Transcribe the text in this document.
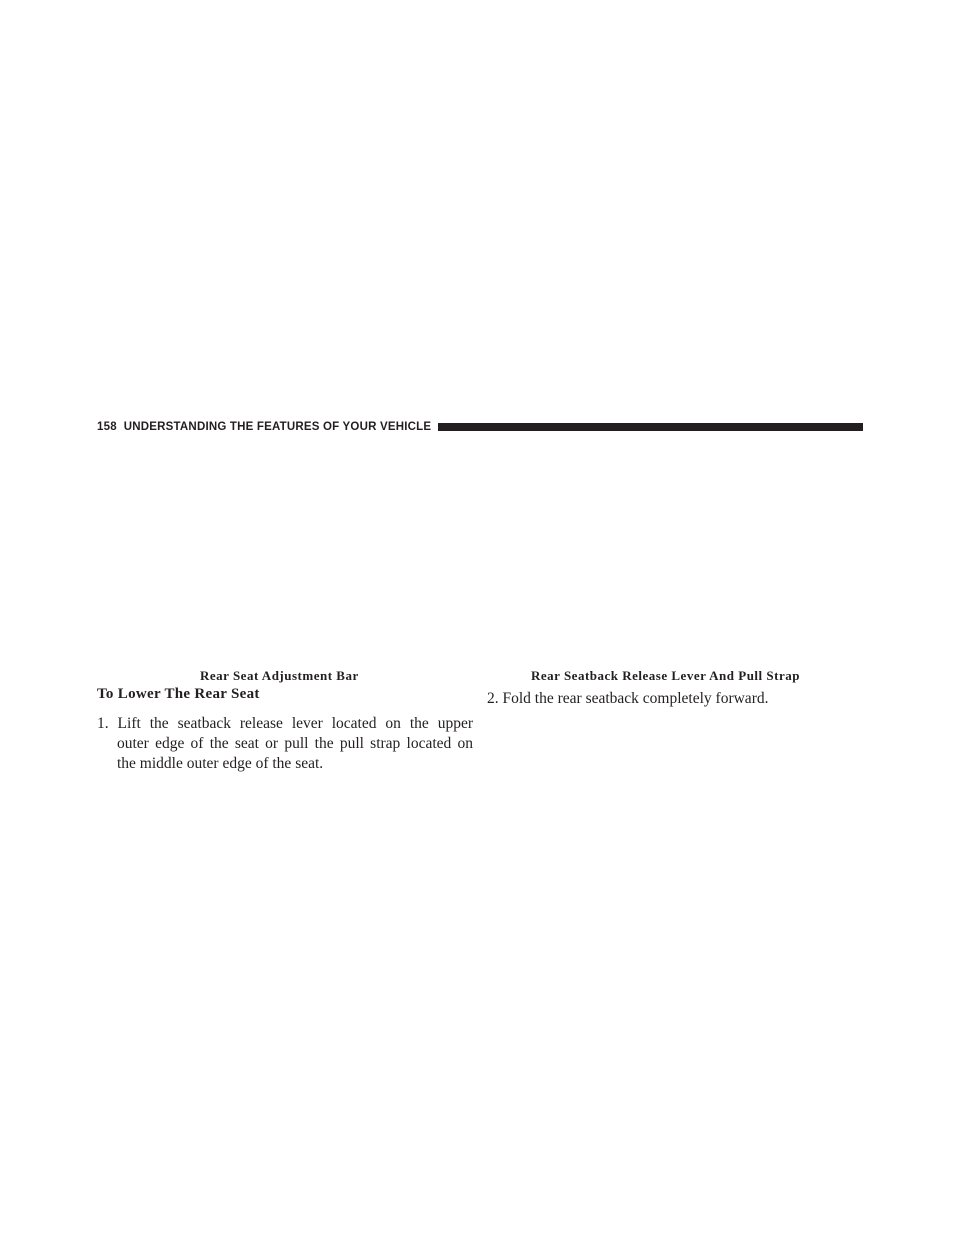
158 UNDERSTANDING THE FEATURES OF YOUR VEHICLE
Rear Seat Adjustment Bar	Rear Seatback Release Lever And Pull Strap
To Lower The Rear Seat

1. Lift the seatback release lever located on the upper
outer edge of the seat or pull the pull strap located on
the middle outer edge of the seat.

2. Fold the rear seatback completely forward.
